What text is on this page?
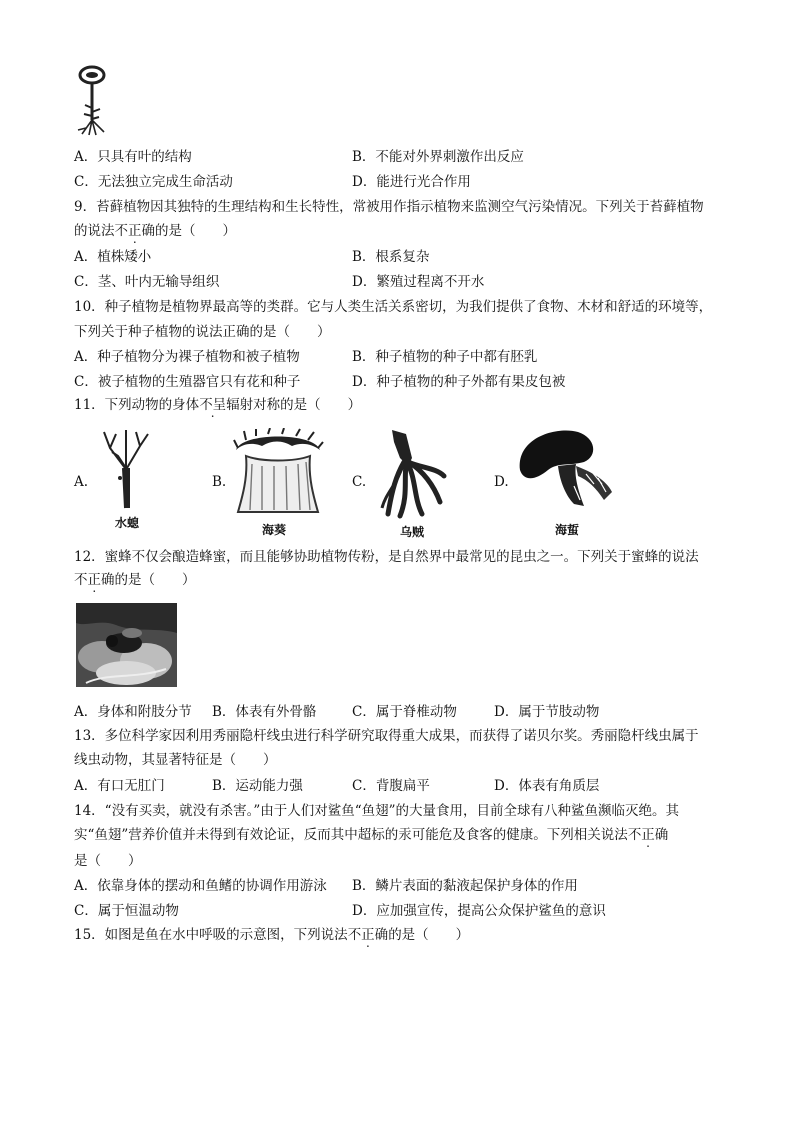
A．只具有叶的结构	B．不能对外界刺激作出反应
C．无法独立完成生命活动	D．能进行光合作用
9．苔藓植物因其独特的生理结构和生长特性，常被用作指示植物来监测空气污染情况。下列关于苔藓植物
的说法不正确的是（　　）
A．植株矮小	B．根系复杂
C．茎、叶内无输导组织	D．繁殖过程离不开水
10．种子植物是植物界最高等的类群。它与人类生活关系密切，为我们提供了食物、木材和舒适的环境等，
下列关于种子植物的说法正确的是（　　）
A．种子植物分为裸子植物和被子植物	B．种子植物的种子中都有胚乳
C．被子植物的生殖器官只有花和种子	D．种子植物的种子外都有果皮包被
11．下列动物的身体不呈辐射对称的是（　　）
A.
水螅
B.
海葵
C.
乌贼
D.
海蜇
12．蜜蜂不仅会酿造蜂蜜，而且能够协助植物传粉，是自然界中最常见的昆虫之一。下列关于蜜蜂的说法
不正确的是（　　）
A．身体和附肢分节 B．体表有外骨骼	C．属于脊椎动物	D．属于节肢动物
13．多位科学家因利用秀丽隐杆线虫进行科学研究取得重大成果，而获得了诺贝尔奖。秀丽隐杆线虫属于
线虫动物，其显著特征是（　　）
A．有口无肛门	B．运动能力强	C．背腹扁平	D．体表有角质层
14．“没有买卖，就没有杀害。”由于人们对鲨鱼“鱼翅”的大量食用，目前全球有八种鲨鱼濒临灭绝。其
实“鱼翅”营养价值并未得到有效论证，反而其中超标的汞可能危及食客的健康。下列相关说法不正确
是（　　）
A．依靠身体的摆动和鱼鳍的协调作用游泳 B．鳞片表面的黏液起保护身体的作用
C．属于恒温动物	D．应加强宣传，提高公众保护鲨鱼的意识
15．如图是鱼在水中呼吸的示意图，下列说法不正确的是（　　）
